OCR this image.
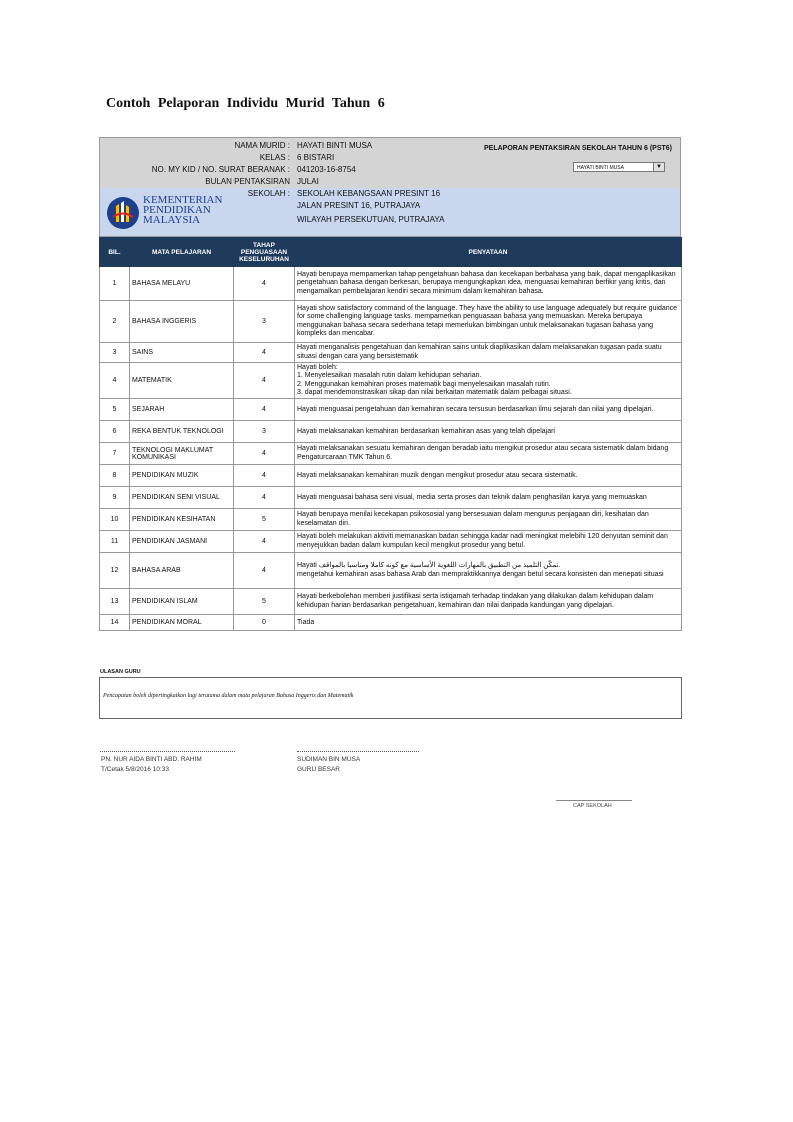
Contoh Pelaporan Individu Murid Tahun 6
NAMA MURID : HAYATI BINTI MUSA
KELAS : 6 BISTARI
NO. MY KID / NO. SURAT BERANAK : 041203-16-8754
BULAN PENTAKSIRAN JULAI
PELAPORAN PENTAKSIRAN SEKOLAH TAHUN 6 (PST6)
HAYATI BINTI MUSA	▼
SEKOLAH : SEKOLAH KEBANGSAAN PRESINT 16
JALAN PRESINT 16, PUTRAJAYA
WILAYAH PERSEKUTUAN, PUTRAJAYA
KEMENTERIAN
PENDIDIKAN
MALAYSIA
BIL.	MATA PELAJARAN	TAHAP PENGUASAAN KESELURUHAN	PENYATAAN
1	BAHASA MELAYU	4	Hayati berupaya mempamerkan tahap pengetahuan bahasa dan kecekapan berbahasa yang baik, dapat mengaplikasikan pengetahuan bahasa dengan berkesan, berupaya mengungkapkan idea, menguasai kemahiran berfikir yang kritis, dan mengamalkan pembelajaran kendiri secara minimum dalam kemahiran bahasa.
2	BAHASA INGGERIS	3	Hayati show satisfactory command of the language. They have the ability to use language adequately but require guidance for some challenging language tasks. mempamerkan penguasaan bahasa yang memuaskan. Mereka berupaya menggunakan bahasa secara sederhana tetapi memerlukan bimbingan untuk melaksanakan tugasan bahasa yang kompleks dan mencabar.
3	SAINS	4	Hayati menganalisis pengetahuan dan kemahiran sains untuk diaplikasikan dalam melaksanakan tugasan pada suatu situasi dengan cara yang bersistematik
4	MATEMATIK	4	Hayati boleh:
1. Menyelesaikan masalah rutin dalam kehidupan seharian.
2. Menggunakan kemahiran proses matematik bagi menyelesaikan masalah rutin.
3. dapat mendemonstrasikan sikap dan nilai berkaitan matematik dalam pelbagai situasi.
5	SEJARAH	4	Hayati menguasai pengetahuan dan kemahiran secara tersusun berdasarkan ilmu sejarah dan nilai yang dipelajari.
6	REKA BENTUK TEKNOLOGI	3	Hayati melaksanakan kemahiran berdasarkan kemahiran asas yang telah dipelajari
7	TEKNOLOGI MAKLUMAT KOMUNIKASI	4	Hayati melaksanakan sesuatu kemahiran dengan beradab iaitu mengikut prosedur atau secara sistematik dalam bidang Pengaturcaraan TMK Tahun 6.
8	PENDIDIKAN MUZIK	4	Hayati melaksanakan kemahiran muzik dengan mengikut prosedur atau secara sistematik.
9	PENDIDIKAN SENI VISUAL	4	Hayati menguasai bahasa seni visual, media serta proses dan teknik dalam penghasilan karya yang memuaskan
10	PENDIDIKAN KESIHATAN	5	Hayati berupaya menilai kecekapan psikososial yang bersesuaian dalam mengurus penjagaan diri, kesihatan dan keselamatan diri.
11	PENDIDIKAN JASMANI	4	Hayati boleh melakukan aktiviti memanaskan badan sehingga kadar nadi meningkat melebihi 120 denyutan seminit dan menyejukkan badan dalam kumpulan kecil mengikut prosedur yang betul.
12	BAHASA ARAB	4	Hayati تمكّن التلميذ من التطبيق بالمهارات اللغوية الأساسية مع كونه كاملا ومناسبا بالمواقف.
mengetahui kemahiran asas bahasa Arab dan mempraktikkannya dengan betul secara konsisten dan menepati situasi
13	PENDIDIKAN ISLAM	5	Hayati berkebolehan memberi justifikasi serta istiqamah terhadap tindakan yang dilakukan dalam kehidupan dalam kehidupan harian berdasarkan pengetahuan, kemahiran dan nilai daripada kandungan yang dipelajari.
14	PENDIDIKAN MORAL	0	Tiada
ULASAN GURU
Pencapaian boleh dipertingkatkan lagi terutama dalam mata pelajaran Bahasa Inggeris dan Matematik
PN. NUR AIDA BINTI ABD. RAHIM
T/Cetak 5/8/2016 10:33
SUDIMAN BIN MUSA
GURU BESAR
CAP SEKOLAH
